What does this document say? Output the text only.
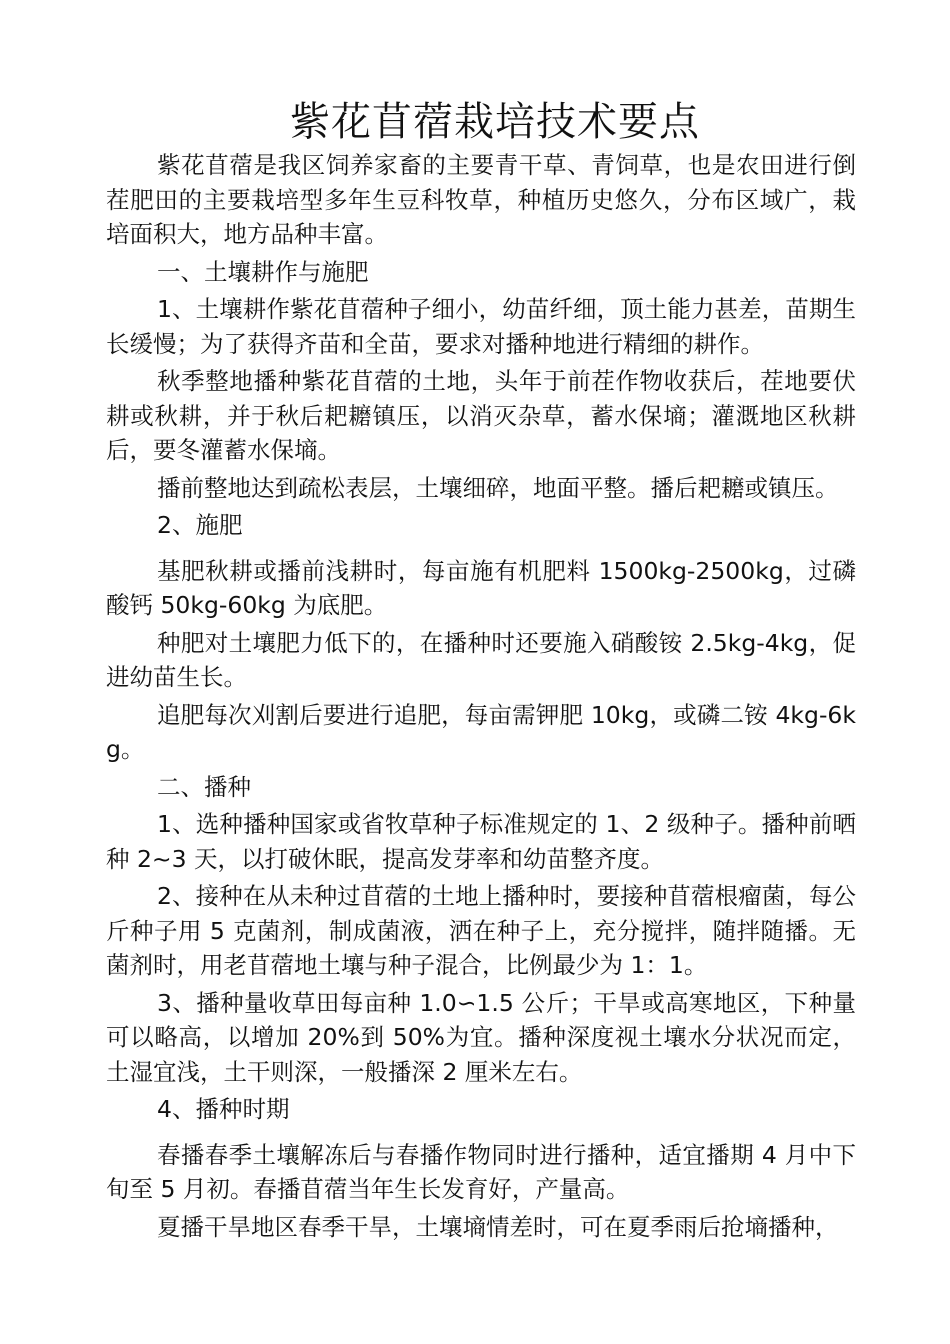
紫花苜蓿栽培技术要点

紫花苜蓿是我区饲养家畜的主要青干草、青饲草，也是农田进行倒茬肥田的主要栽培型多年生豆科牧草，种植历史悠久，分布区域广，栽培面积大，地方品种丰富。

一、土壤耕作与施肥

1、土壤耕作紫花苜蓿种子细小，幼苗纤细，顶土能力甚差，苗期生长缓慢；为了获得齐苗和全苗，要求对播种地进行精细的耕作。

秋季整地播种紫花苜蓿的土地，头年于前茬作物收获后，茬地要伏耕或秋耕，并于秋后耙耱镇压，以消灭杂草，蓄水保墒；灌溉地区秋耕后，要冬灌蓄水保墒。

播前整地达到疏松表层，土壤细碎，地面平整。播后耙耱或镇压。

2、施肥

基肥秋耕或播前浅耕时，每亩施有机肥料 1500kg-2500kg，过磷酸钙 50kg-60kg 为底肥。

种肥对土壤肥力低下的，在播种时还要施入硝酸铵 2.5kg-4kg，促进幼苗生长。

追肥每次刈割后要进行追肥，每亩需钾肥 10kg，或磷二铵 4kg-6kg。

二、播种

1、选种播种国家或省牧草种子标准规定的 1、2 级种子。播种前晒种 2~3 天，以打破休眠，提高发芽率和幼苗整齐度。

2、接种在从未种过苜蓿的土地上播种时，要接种苜蓿根瘤菌，每公斤种子用 5 克菌剂，制成菌液，洒在种子上，充分搅拌，随拌随播。无菌剂时，用老苜蓿地土壤与种子混合，比例最少为 1：1。

3、播种量收草田每亩种 1.0∽1.5 公斤；干旱或高寒地区，下种量可以略高，以增加 20%到 50%为宜。播种深度视土壤水分状况而定，土湿宜浅，土干则深，一般播深 2 厘米左右。

4、播种时期

春播春季土壤解冻后与春播作物同时进行播种，适宜播期 4 月中下旬至 5 月初。春播苜蓿当年生长发育好，产量高。

夏播干旱地区春季干旱，土壤墒情差时，可在夏季雨后抢墒播种，
